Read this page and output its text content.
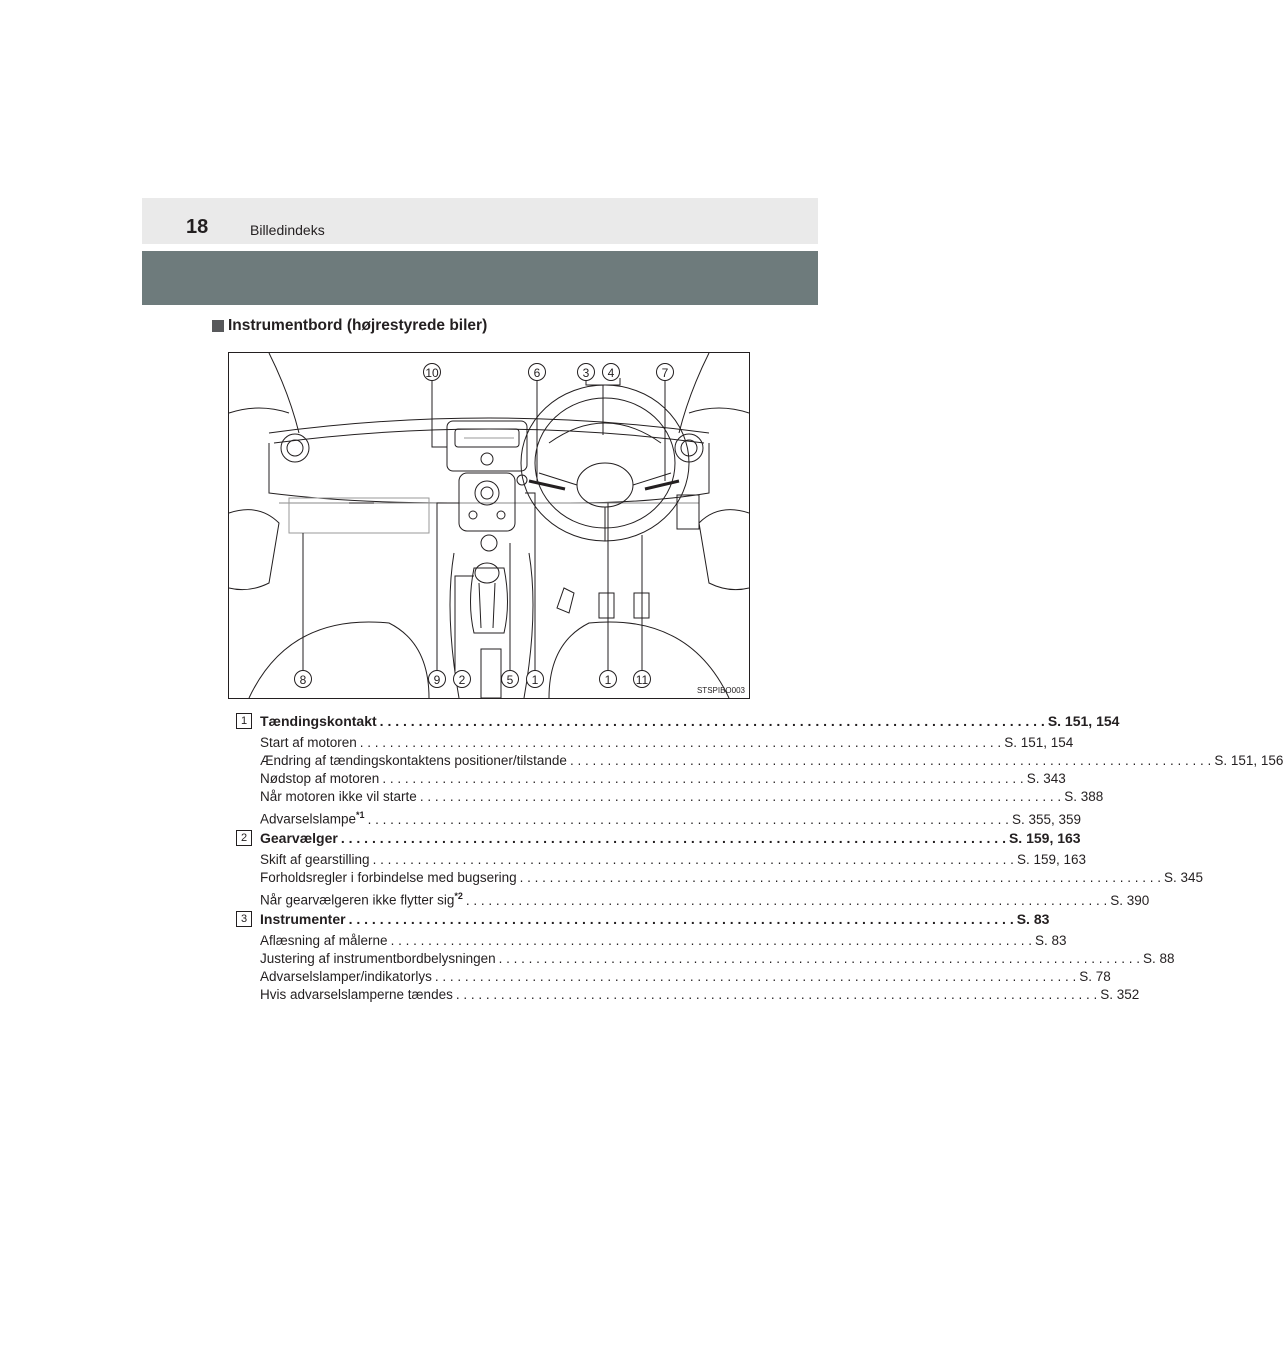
18	Billedindeks
Instrumentbord (højrestyrede biler)
10	6	3	4	7
8	9	2	5	1	1	11
STSPIBO003
1 Tændingskontakt . . .	S. 151, 154
Start af motoren . . .	S. 151, 154
Ændring af tændingskontaktens positioner/tilstande . . .	S. 151, 156
Nødstop af motoren . . .	S. 343
Når motoren ikke vil starte . . .	S. 388
Advarselslampe$^{*1}$ . . .	S. 355, 359
2 Gearvælger . . .	S. 159, 163
Skift af gearstilling . . .	S. 159, 163
Forholdsregler i forbindelse med bugsering . . .	S. 345
Når gearvælgeren ikke flytter sig$^{*2}$ . . .	S. 390
3 Instrumenter . . .	S. 83
Aflæsning af målerne . . .	S. 83
Justering af instrumentbordbelysningen . . .	S. 88
Advarselslamper/indikatorlys . . .	S. 78
Hvis advarselslamperne tændes . . .	S. 352
